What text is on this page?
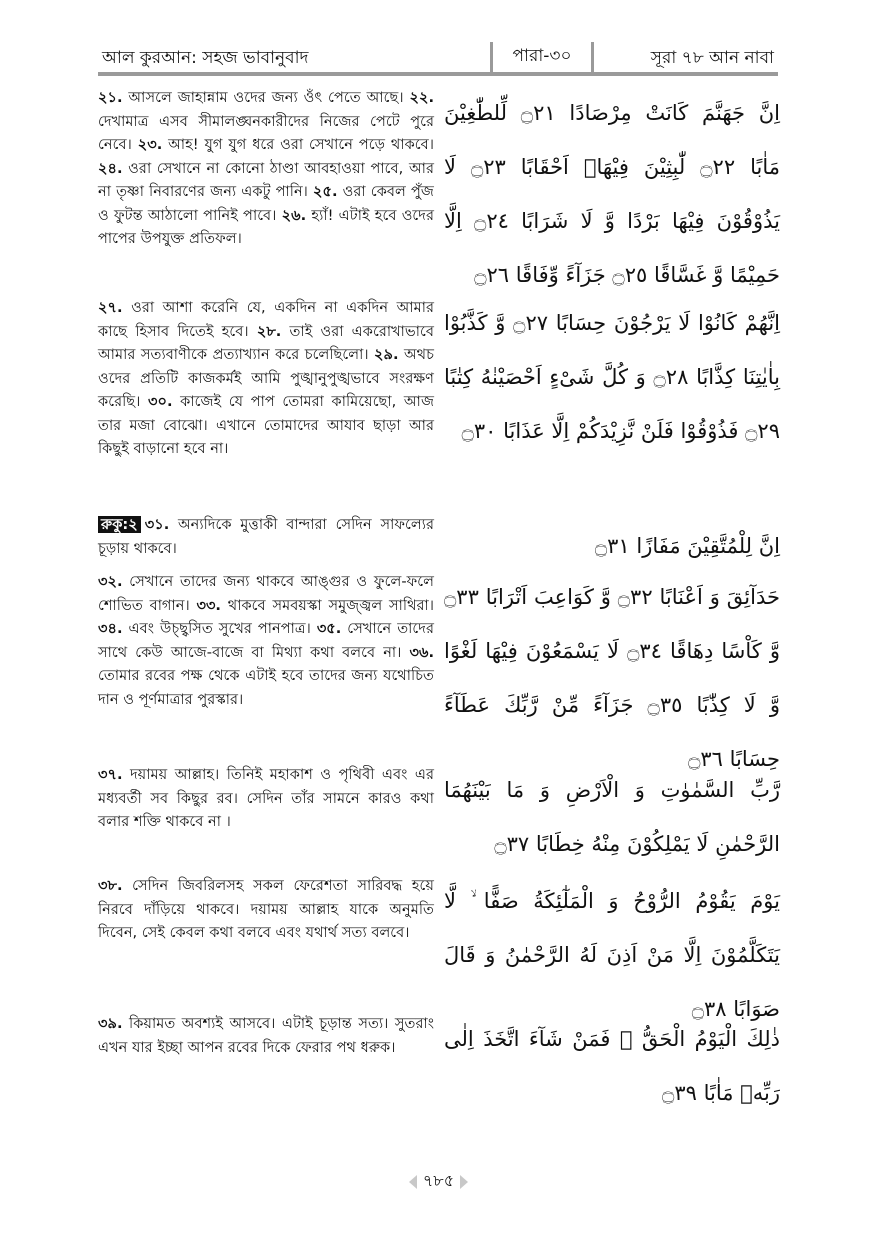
আল কুরআন: সহজ ভাবানুবাদ	পারা-৩০	সূরা ৭৮ আন নাবা
২১. আসলে জাহান্নাম ওদের জন্য ওঁৎ পেতে আছে। ২২. দেখামাত্র এসব সীমালঙ্ঘনকারীদের নিজের পেটে পুরে নেবে। ২৩. আহ! যুগ যুগ ধরে ওরা সেখানে পড়ে থাকবে। ২৪. ওরা সেখানে না কোনো ঠাণ্ডা আবহাওয়া পাবে, আর না তৃষ্ণা নিবারণের জন্য একটু পানি। ২৫. ওরা কেবল পুঁজ ও ফুটন্ত আঠালো পানিই পাবে। ২৬. হ্যাঁ! এটাই হবে ওদের পাপের উপযুক্ত প্রতিফল।
اِنَّ جَهَنَّمَ كَانَتْ مِرْصَادًا ۝٢١ لِّلطّٰغِيْنَ مَاٰبًا ۝٢٢ لّٰبِثِيْنَ فِيْهَاۤ اَحْقَابًا ۝٢٣ لَا يَذُوْقُوْنَ فِيْهَا بَرْدًا وَّ لَا شَرَابًا ۝٢٤ اِلَّا حَمِيْمًا وَّ غَسَّاقًا ۝٢٥ جَزَآءً وِّفَاقًا ۝٢٦
২৭. ওরা আশা করেনি যে, একদিন না একদিন আমার কাছে হিসাব দিতেই হবে। ২৮. তাই ওরা একরোখাভাবে আমার সত্যবাণীকে প্রত্যাখ্যান করে চলেছিলো। ২৯. অথচ ওদের প্রতিটি কাজকর্মই আমি পুঙ্খানুপুঙ্খভাবে সংরক্ষণ করেছি। ৩০. কাজেই যে পাপ তোমরা কামিয়েছো, আজ তার মজা বোঝো। এখানে তোমাদের আযাব ছাড়া আর কিছুই বাড়ানো হবে না।
اِنَّهُمْ كَانُوْا لَا يَرْجُوْنَ حِسَابًا ۝٢٧ وَّ كَذَّبُوْا بِاٰيٰتِنَا كِذَّابًا ۝٢٨ وَ كُلَّ شَیْءٍ اَحْصَيْنٰهُ كِتٰبًا ۝٢٩ فَذُوْقُوْا فَلَنْ نَّزِيْدَكُمْ اِلَّا عَذَابًا ۝٣٠
রুকু:২ ৩১. অন্যদিকে মুত্তাকী বান্দারা সেদিন সাফল্যের চূড়ায় থাকবে।	اِنَّ لِلْمُتَّقِيْنَ مَفَازًا ۝٣١
৩২. সেখানে তাদের জন্য থাকবে আঙ্গুর ও ফুলে-ফলে শোভিত বাগান। ৩৩. থাকবে সমবয়স্কা সমুজ্জ্বল সাথিরা। ৩৪. এবং উচ্ছ্বসিত সুখের পানপাত্র। ৩৫. সেখানে তাদের সাথে কেউ আজে-বাজে বা মিথ্যা কথা বলবে না। ৩৬. তোমার রবের পক্ষ থেকে এটাই হবে তাদের জন্য যথোচিত দান ও পূর্ণমাত্রার পুরস্কার।
حَدَآئِقَ وَ اَعْنَابًا ۝٣٢ وَّ كَوَاعِبَ اَتْرَابًا ۝٣٣ وَّ كَاْسًا دِهَاقًا ۝٣٤ لَا يَسْمَعُوْنَ فِيْهَا لَغْوًا وَّ لَا كِذّٰبًا ۝٣٥ جَزَآءً مِّنْ رَّبِّكَ عَطَآءً حِسَابًا ۝٣٦
৩৭. দয়াময় আল্লাহ। তিনিই মহাকাশ ও পৃথিবী এবং এর মধ্যবর্তী সব কিছুর রব। সেদিন তাঁর সামনে কারও কথা বলার শক্তি থাকবে না ।
رَّبِّ السَّمٰوٰتِ وَ الْاَرْضِ وَ مَا بَيْنَهُمَا الرَّحْمٰنِ لَا يَمْلِكُوْنَ مِنْهُ خِطَابًا ۝٣٧
৩৮. সেদিন জিবরিলসহ সকল ফেরেশতা সারিবদ্ধ হয়ে নিরবে দাঁড়িয়ে থাকবে। দয়াময় আল্লাহ যাকে অনুমতি দিবেন, সেই কেবল কথা বলবে এবং যথার্থ সত্য বলবে।
يَوْمَ يَقُوْمُ الرُّوْحُ وَ الْمَلٰٓئِكَةُ صَفًّا ۙ لَّا يَتَكَلَّمُوْنَ اِلَّا مَنْ اَذِنَ لَهُ الرَّحْمٰنُ وَ قَالَ صَوَابًا ۝٣٨
৩৯. কিয়ামত অবশ্যই আসবে। এটাই চূড়ান্ত সত্য। সুতরাং এখন যার ইচ্ছা আপন রবের দিকে ফেরার পথ ধরুক।	ذٰلِكَ الْيَوْمُ الْحَقُّ ۚ فَمَنْ شَآءَ اتَّخَذَ اِلٰى رَبِّهٖ مَاٰبًا ۝٣٩
৭৮৫
